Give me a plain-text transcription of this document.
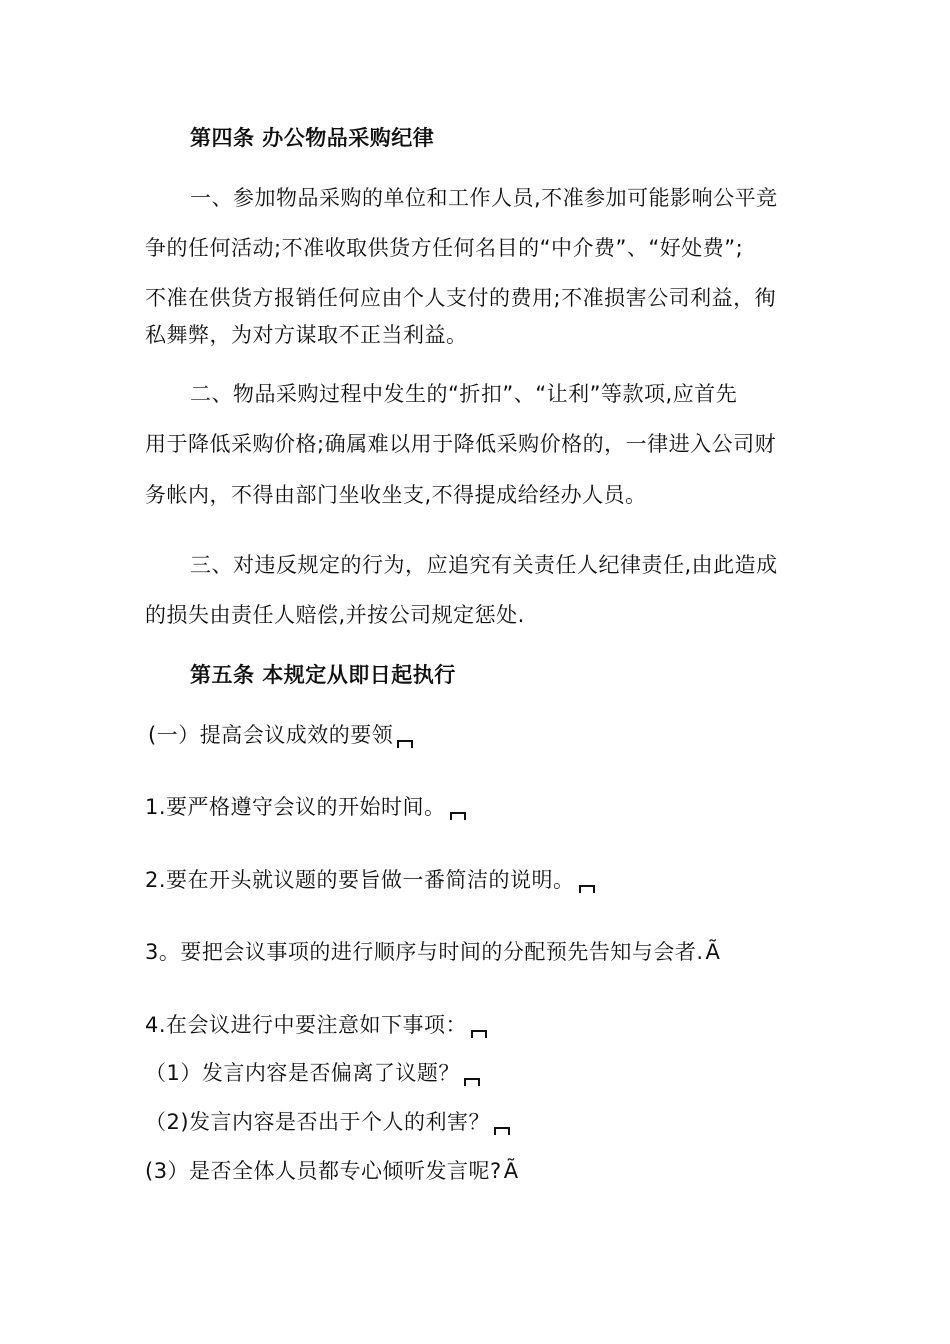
第四条 办公物品采购纪律
一、参加物品采购的单位和工作人员,不准参加可能影响公平竞
争的任何活动;不准收取供货方任何名目的“中介费”、“好处费”;
不准在供货方报销任何应由个人支付的费用;不准损害公司利益，徇
私舞弊，为对方谋取不正当利益。
二、物品采购过程中发生的“折扣”、“让利”等款项,应首先
用于降低采购价格;确属难以用于降低采购价格的，一律进入公司财
务帐内，不得由部门坐收坐支,不得提成给经办人员。
三、对违反规定的行为，应追究有关责任人纪律责任,由此造成
的损失由责任人赔偿,并按公司规定惩处.
第五条 本规定从即日起执行
(一）提高会议成效的要领
1.要严格遵守会议的开始时间。
2.要在开头就议题的要旨做一番简洁的说明。
3。要把会议事项的进行顺序与时间的分配预先告知与会者.Ã
4.在会议进行中要注意如下事项：
（1）发言内容是否偏离了议题？
（2)发言内容是否出于个人的利害？
(3）是否全体人员都专心倾听发言呢?Ã
